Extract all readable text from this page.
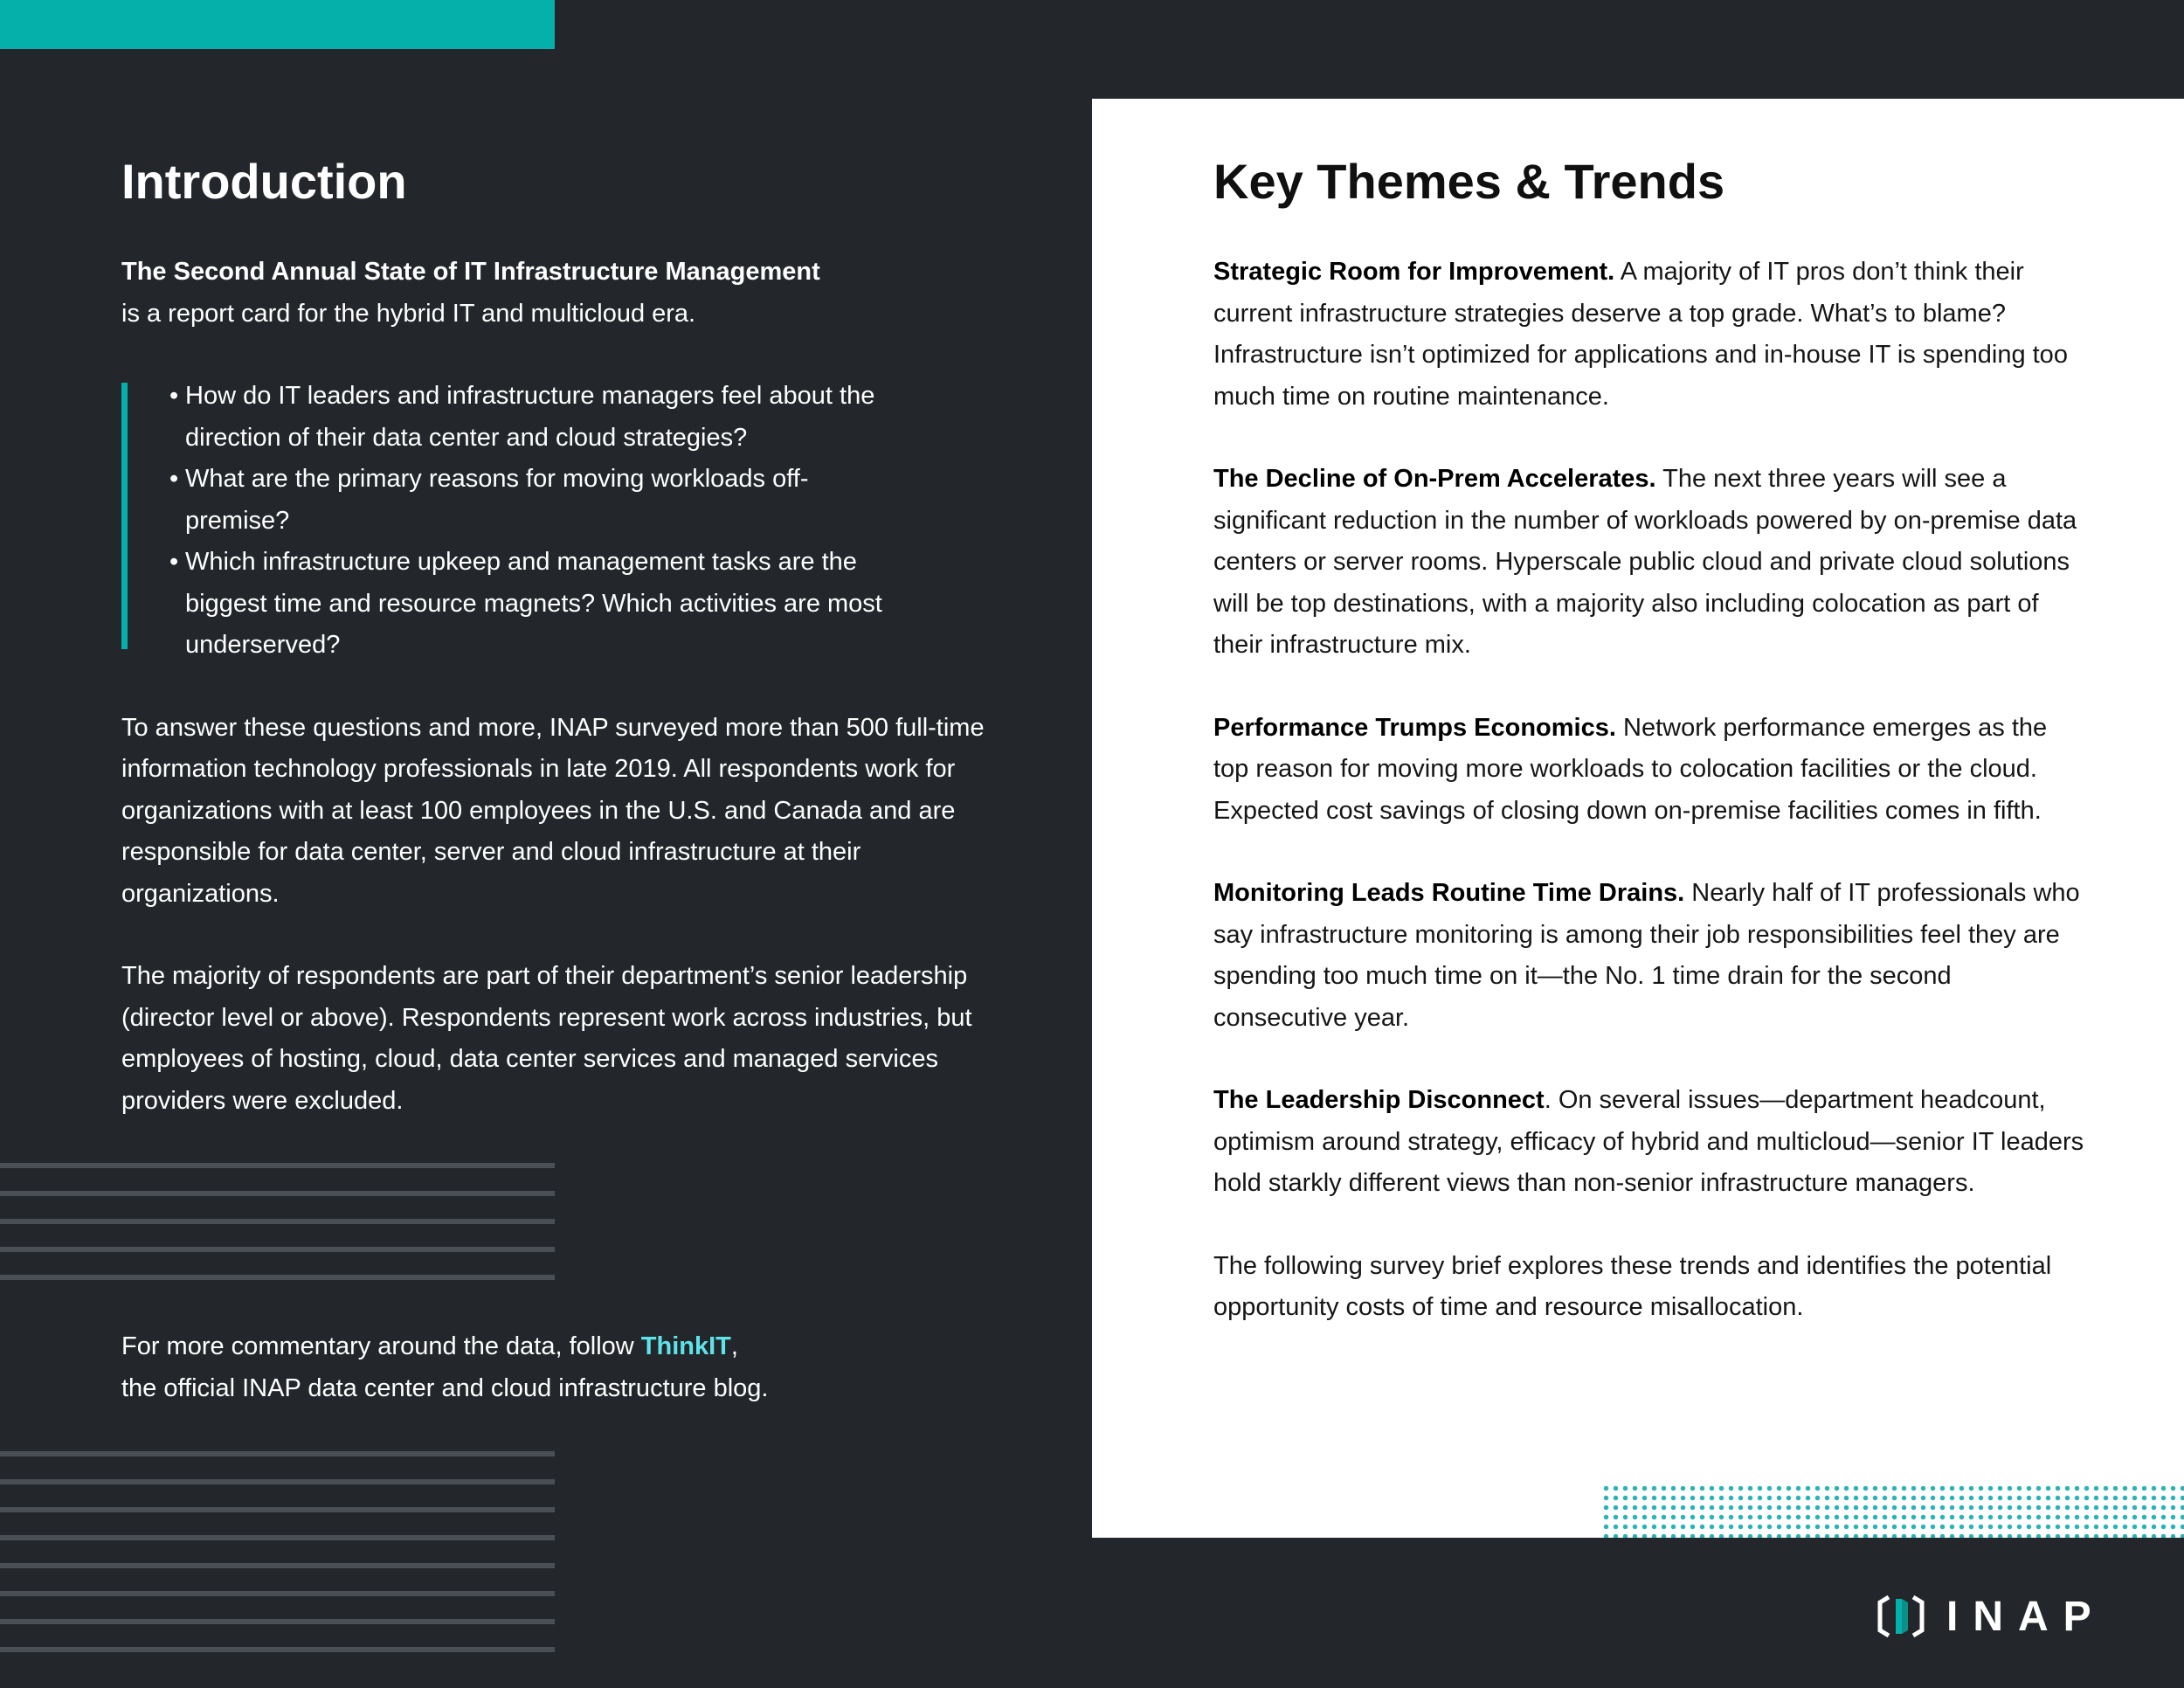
Introduction
The Second Annual State of IT Infrastructure Management
is a report card for the hybrid IT and multicloud era.
• How do IT leaders and infrastructure managers feel about the direction of their data center and cloud strategies?
• What are the primary reasons for moving workloads off-premise?
• Which infrastructure upkeep and management tasks are the biggest time and resource magnets? Which activities are most underserved?
To answer these questions and more, INAP surveyed more than 500 full-time information technology professionals in late 2019. All respondents work for organizations with at least 100 employees in the U.S. and Canada and are responsible for data center, server and cloud infrastructure at their organizations.
The majority of respondents are part of their department’s senior leadership (director level or above). Respondents represent work across industries, but employees of hosting, cloud, data center services and managed services providers were excluded.
For more commentary around the data, follow ThinkIT,
the official INAP data center and cloud infrastructure blog.
Key Themes & Trends
Strategic Room for Improvement. A majority of IT pros don’t think their current infrastructure strategies deserve a top grade. What’s to blame? Infrastructure isn’t optimized for applications and in-house IT is spending too much time on routine maintenance.
The Decline of On-Prem Accelerates. The next three years will see a significant reduction in the number of workloads powered by on-premise data centers or server rooms. Hyperscale public cloud and private cloud solutions will be top destinations, with a majority also including colocation as part of their infrastructure mix.
Performance Trumps Economics. Network performance emerges as the top reason for moving more workloads to colocation facilities or the cloud. Expected cost savings of closing down on-premise facilities comes in fifth.
Monitoring Leads Routine Time Drains. Nearly half of IT professionals who say infrastructure monitoring is among their job responsibilities feel they are spending too much time on it—the No. 1 time drain for the second consecutive year.
The Leadership Disconnect. On several issues—department headcount, optimism around strategy, efficacy of hybrid and multicloud—senior IT leaders hold starkly different views than non-senior infrastructure managers.
The following survey brief explores these trends and identifies the potential opportunity costs of time and resource misallocation.
INAP
